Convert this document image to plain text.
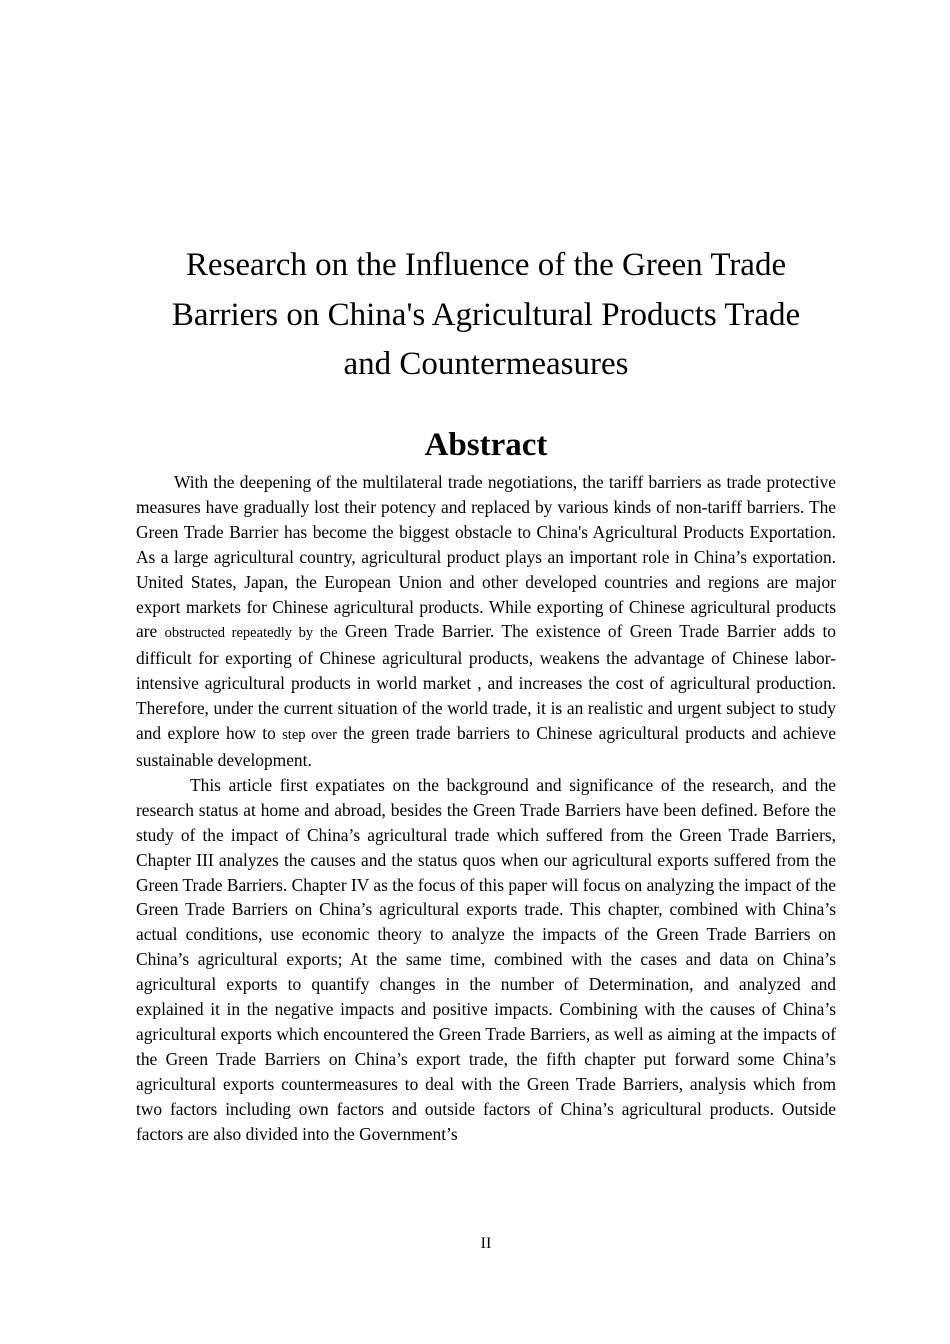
Research on the Influence of the Green Trade
Barriers on China's Agricultural Products Trade
and Countermeasures
Abstract

With the deepening of the multilateral trade negotiations, the tariff barriers as trade protective measures have gradually lost their potency and replaced by various kinds of non-tariff barriers. The Green Trade Barrier has become the biggest obstacle to China's Agricultural Products Exportation. As a large agricultural country, agricultural product plays an important role in China’s exportation. United States, Japan, the European Union and other developed countries and regions are major export markets for Chinese agricultural products. While exporting of Chinese agricultural products are obstructed repeatedly by the Green Trade Barrier. The existence of Green Trade Barrier adds to difficult for exporting of Chinese agricultural products, weakens the advantage of Chinese labor-intensive agricultural products in world market , and increases the cost of agricultural production. Therefore, under the current situation of the world trade, it is an realistic and urgent subject to study and explore how to step over the green trade barriers to Chinese agricultural products and achieve sustainable development.

This article first expatiates on the background and significance of the research, and the research status at home and abroad, besides the Green Trade Barriers have been defined. Before the study of the impact of China’s agricultural trade which suffered from the Green Trade Barriers, Chapter III analyzes the causes and the status quos when our agricultural exports suffered from the Green Trade Barriers. Chapter IV as the focus of this paper will focus on analyzing the impact of the Green Trade Barriers on China’s agricultural exports trade. This chapter, combined with China’s actual conditions, use economic theory to analyze the impacts of the Green Trade Barriers on China’s agricultural exports; At the same time, combined with the cases and data on China’s agricultural exports to quantify changes in the number of Determination, and analyzed and explained it in the negative impacts and positive impacts. Combining with the causes of China’s agricultural exports which encountered the Green Trade Barriers, as well as aiming at the impacts of the Green Trade Barriers on China’s export trade, the fifth chapter put forward some China’s agricultural exports countermeasures to deal with the Green Trade Barriers, analysis which from two factors including own factors and outside factors of China’s agricultural products. Outside factors are also divided into the Government’s

II
